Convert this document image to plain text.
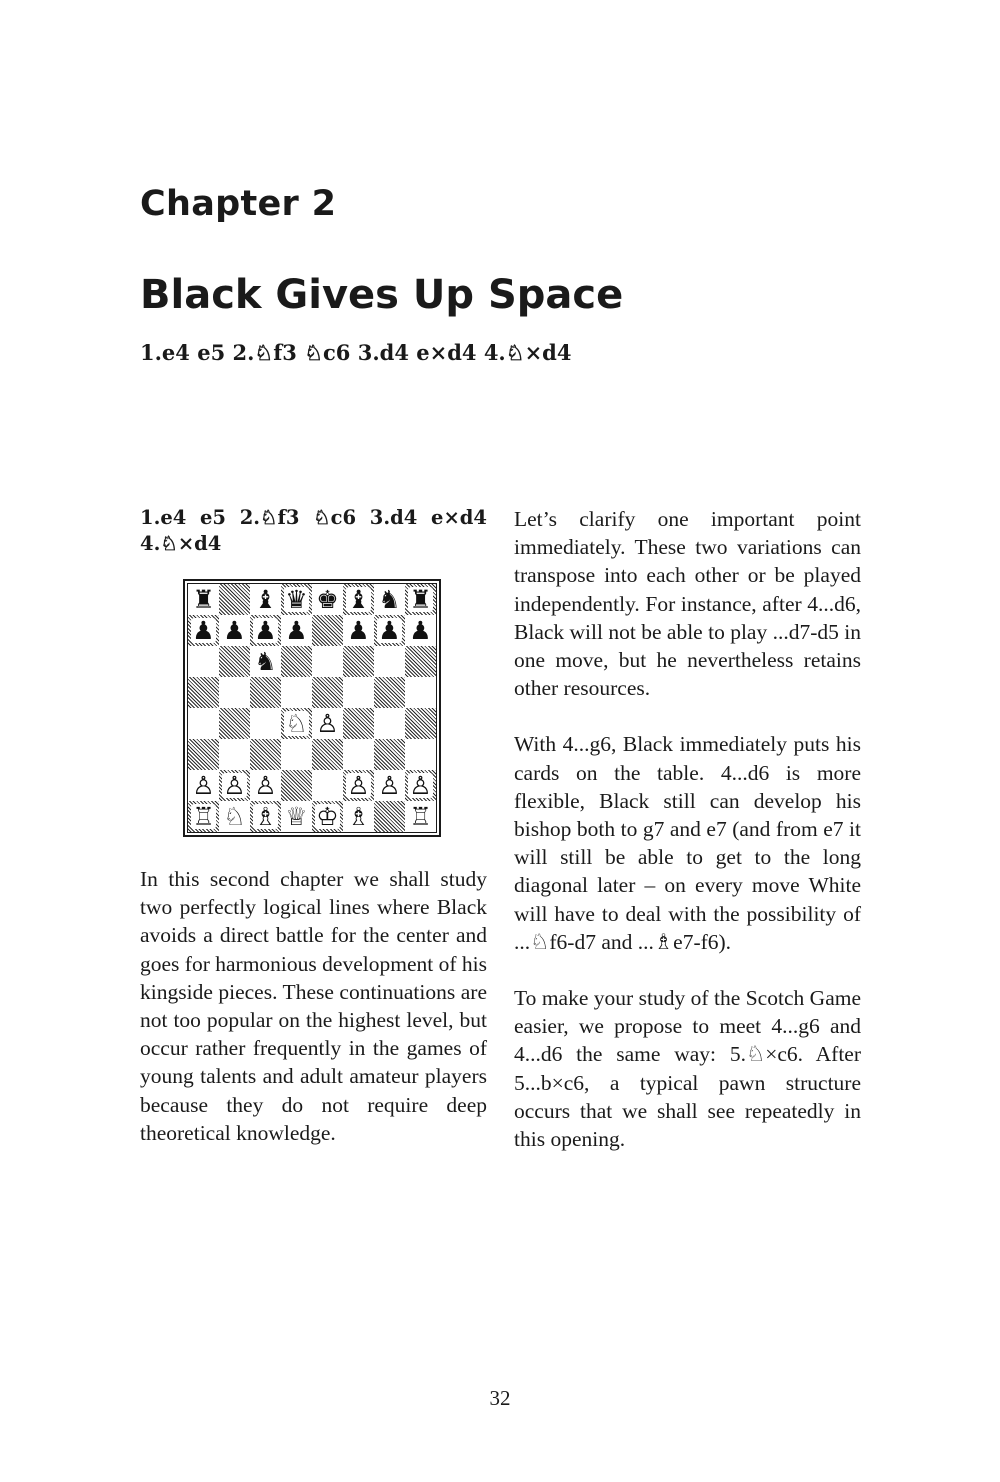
Chapter 2
Black Gives Up Space
1.e4 e5 2.♘f3 ♘c6 3.d4 e×d4 4.♘×d4

1.e4 e5 2.♘f3 ♘c6 3.d4 e×d4 4.♘×d4

♜ ♝ ♛ ♚ ♝ ♞ ♜
♟ ♟ ♟ ♟ ♟ ♟ ♟
♞
♘ ♙
♙ ♙ ♙	♙ ♙ ♙
♖ ♘ ♗ ♕ ♔ ♗ ♖

In this second chapter we shall study two perfectly logical lines where Black avoids a direct battle for the center and goes for harmonious development of his kingside pieces. These continuations are not too popular on the highest level, but occur rather frequently in the games of young talents and adult amateur players because they do not require deep theoretical knowledge.

Let’s clarify one important point immediately. These two variations can transpose into each other or be played independently. For instance, after 4...d6, Black will not be able to play ...d7-d5 in one move, but he nevertheless retains other resources.

With 4...g6, Black immediately puts his cards on the table. 4...d6 is more flexible, Black still can develop his bishop both to g7 and e7 (and from e7 it will still be able to get to the long diagonal later – on every move White will have to deal with the possibility of ...♘f6-d7 and ...♗e7-f6).

To make your study of the Scotch Game easier, we propose to meet 4...g6 and 4...d6 the same way: 5.♘×c6. After 5...b×c6, a typical pawn structure occurs that we shall see repeatedly in this opening.

32
